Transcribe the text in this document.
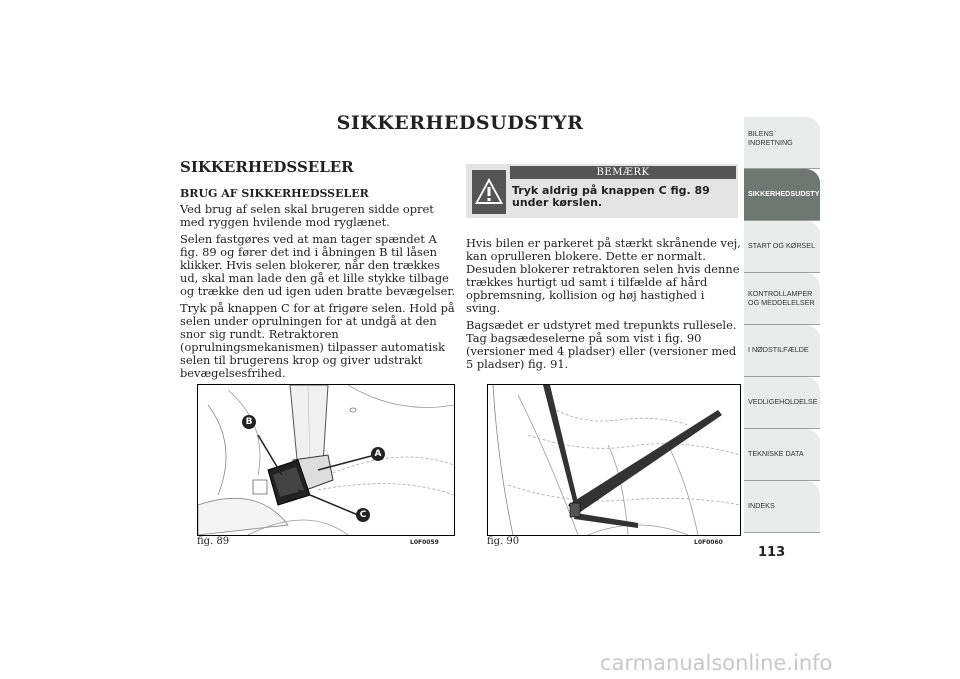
SIKKERHEDSUDSTYR
SIKKERHEDSSELER
BRUG AF SIKKERHEDSSELER

Ved brug af selen skal brugeren sidde opret med ryggen hvilende mod ryglænet.

Selen fastgøres ved at man tager spændet A fig. 89 og fører det ind i åbningen B til låsen klikker. Hvis selen blokerer, når den trækkes ud, skal man lade den gå et lille stykke tilbage og trække den ud igen uden bratte bevægelser.

Tryk på knappen C for at frigøre selen. Hold på selen under oprulningen for at undgå at den snor sig rundt. Retraktoren (oprulningsmekanismen) tilpasser automatisk selen til brugerens krop og giver udstrakt bevægelsesfrihed.

BEMÆRK
Tryk aldrig på knappen C fig. 89 under kørslen.

Hvis bilen er parkeret på stærkt skrånende vej, kan oprulleren blokere. Dette er normalt. Desuden blokerer retraktoren selen hvis denne trækkes hurtigt ud samt i tilfælde af hård opbremsning, kollision og høj hastighed i sving.

Bagsædet er udstyret med trepunkts rullesele. Tag bagsædeselerne på som vist i fig. 90 (versioner med 4 pladser) eller (versioner med 5 pladser) fig. 91.

B
A
C
fig. 89	L0F0059	fig. 90	L0F0060
BILENS
INDRETNING
SIKKERHEDSUDSTYR
START OG KØRSEL
KONTROLLAMPER
OG MEDDELELSER
I NØDSTILFÆLDE
VEDLIGEHOLDELSE
TEKNISKE DATA
INDEKS
113
carmanualsonline.info
